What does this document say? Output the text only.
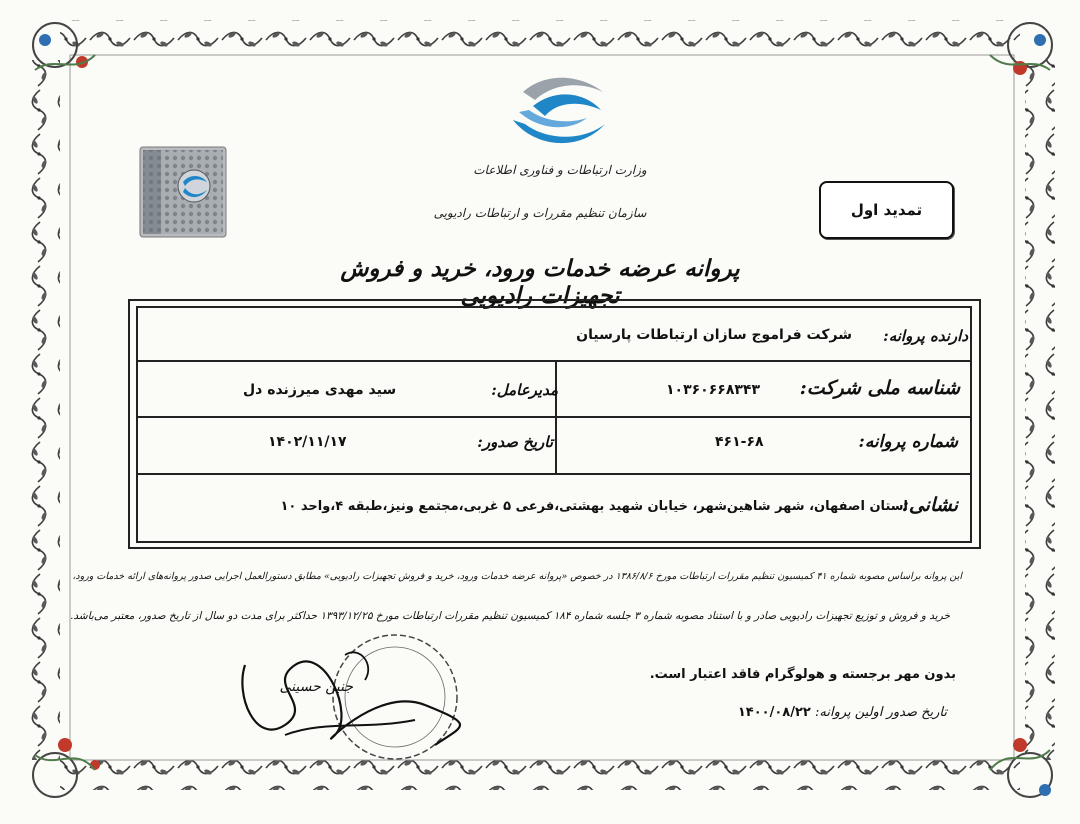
وزارت ارتباطات و فناوری اطلاعات
سازمان تنظیم مقررات و ارتباطات رادیویی	تمدید اول
پروانه عرضه خدمات ورود، خرید و فروش تجهیزات رادیویی
دارنده پروانه:
شرکت فراموج سازان ارتباطات پارسیان
شناسه ملی شرکت:
۱۰۳۶۰۶۶۸۳۴۳
مدیرعامل:
سید مهدی میرزنده دل
شماره پروانه:
۴۶۱-۶۸
تاریخ صدور:
۱۴۰۲/۱۱/۱۷
نشانی:
استان اصفهان، شهر شاهین‌شهر، خیابان شهید بهشتی،فرعی ۵ غربی،مجتمع ونیز،طبقه ۴،واحد ۱۰
این پروانه براساس مصوبه شماره ۴۱ کمیسیون تنظیم مقررات ارتباطات مورخ ۱۳۸۶/۸/۶ در خصوص «پروانه عرضه خدمات ورود، خرید و فروش تجهیزات رادیویی» مطابق دستورالعمل اجرایی صدور پروانه‌های ارائه خدمات ورود،
خرید و فروش و توزیع تجهیزات رادیویی صادر و با استناد مصوبه شماره ۳ جلسه شماره ۱۸۴ کمیسیون تنظیم مقررات ارتباطات مورخ ۱۳۹۳/۱۲/۲۵ حداکثر برای مدت دو سال از تاریخ صدور، معتبر می‌باشد.
بدون مهر برجسته و هولوگرام فاقد اعتبار است.
تاریخ صدور اولین پروانه: ۱۴۰۰/۰۸/۲۲
جنین حسینی
